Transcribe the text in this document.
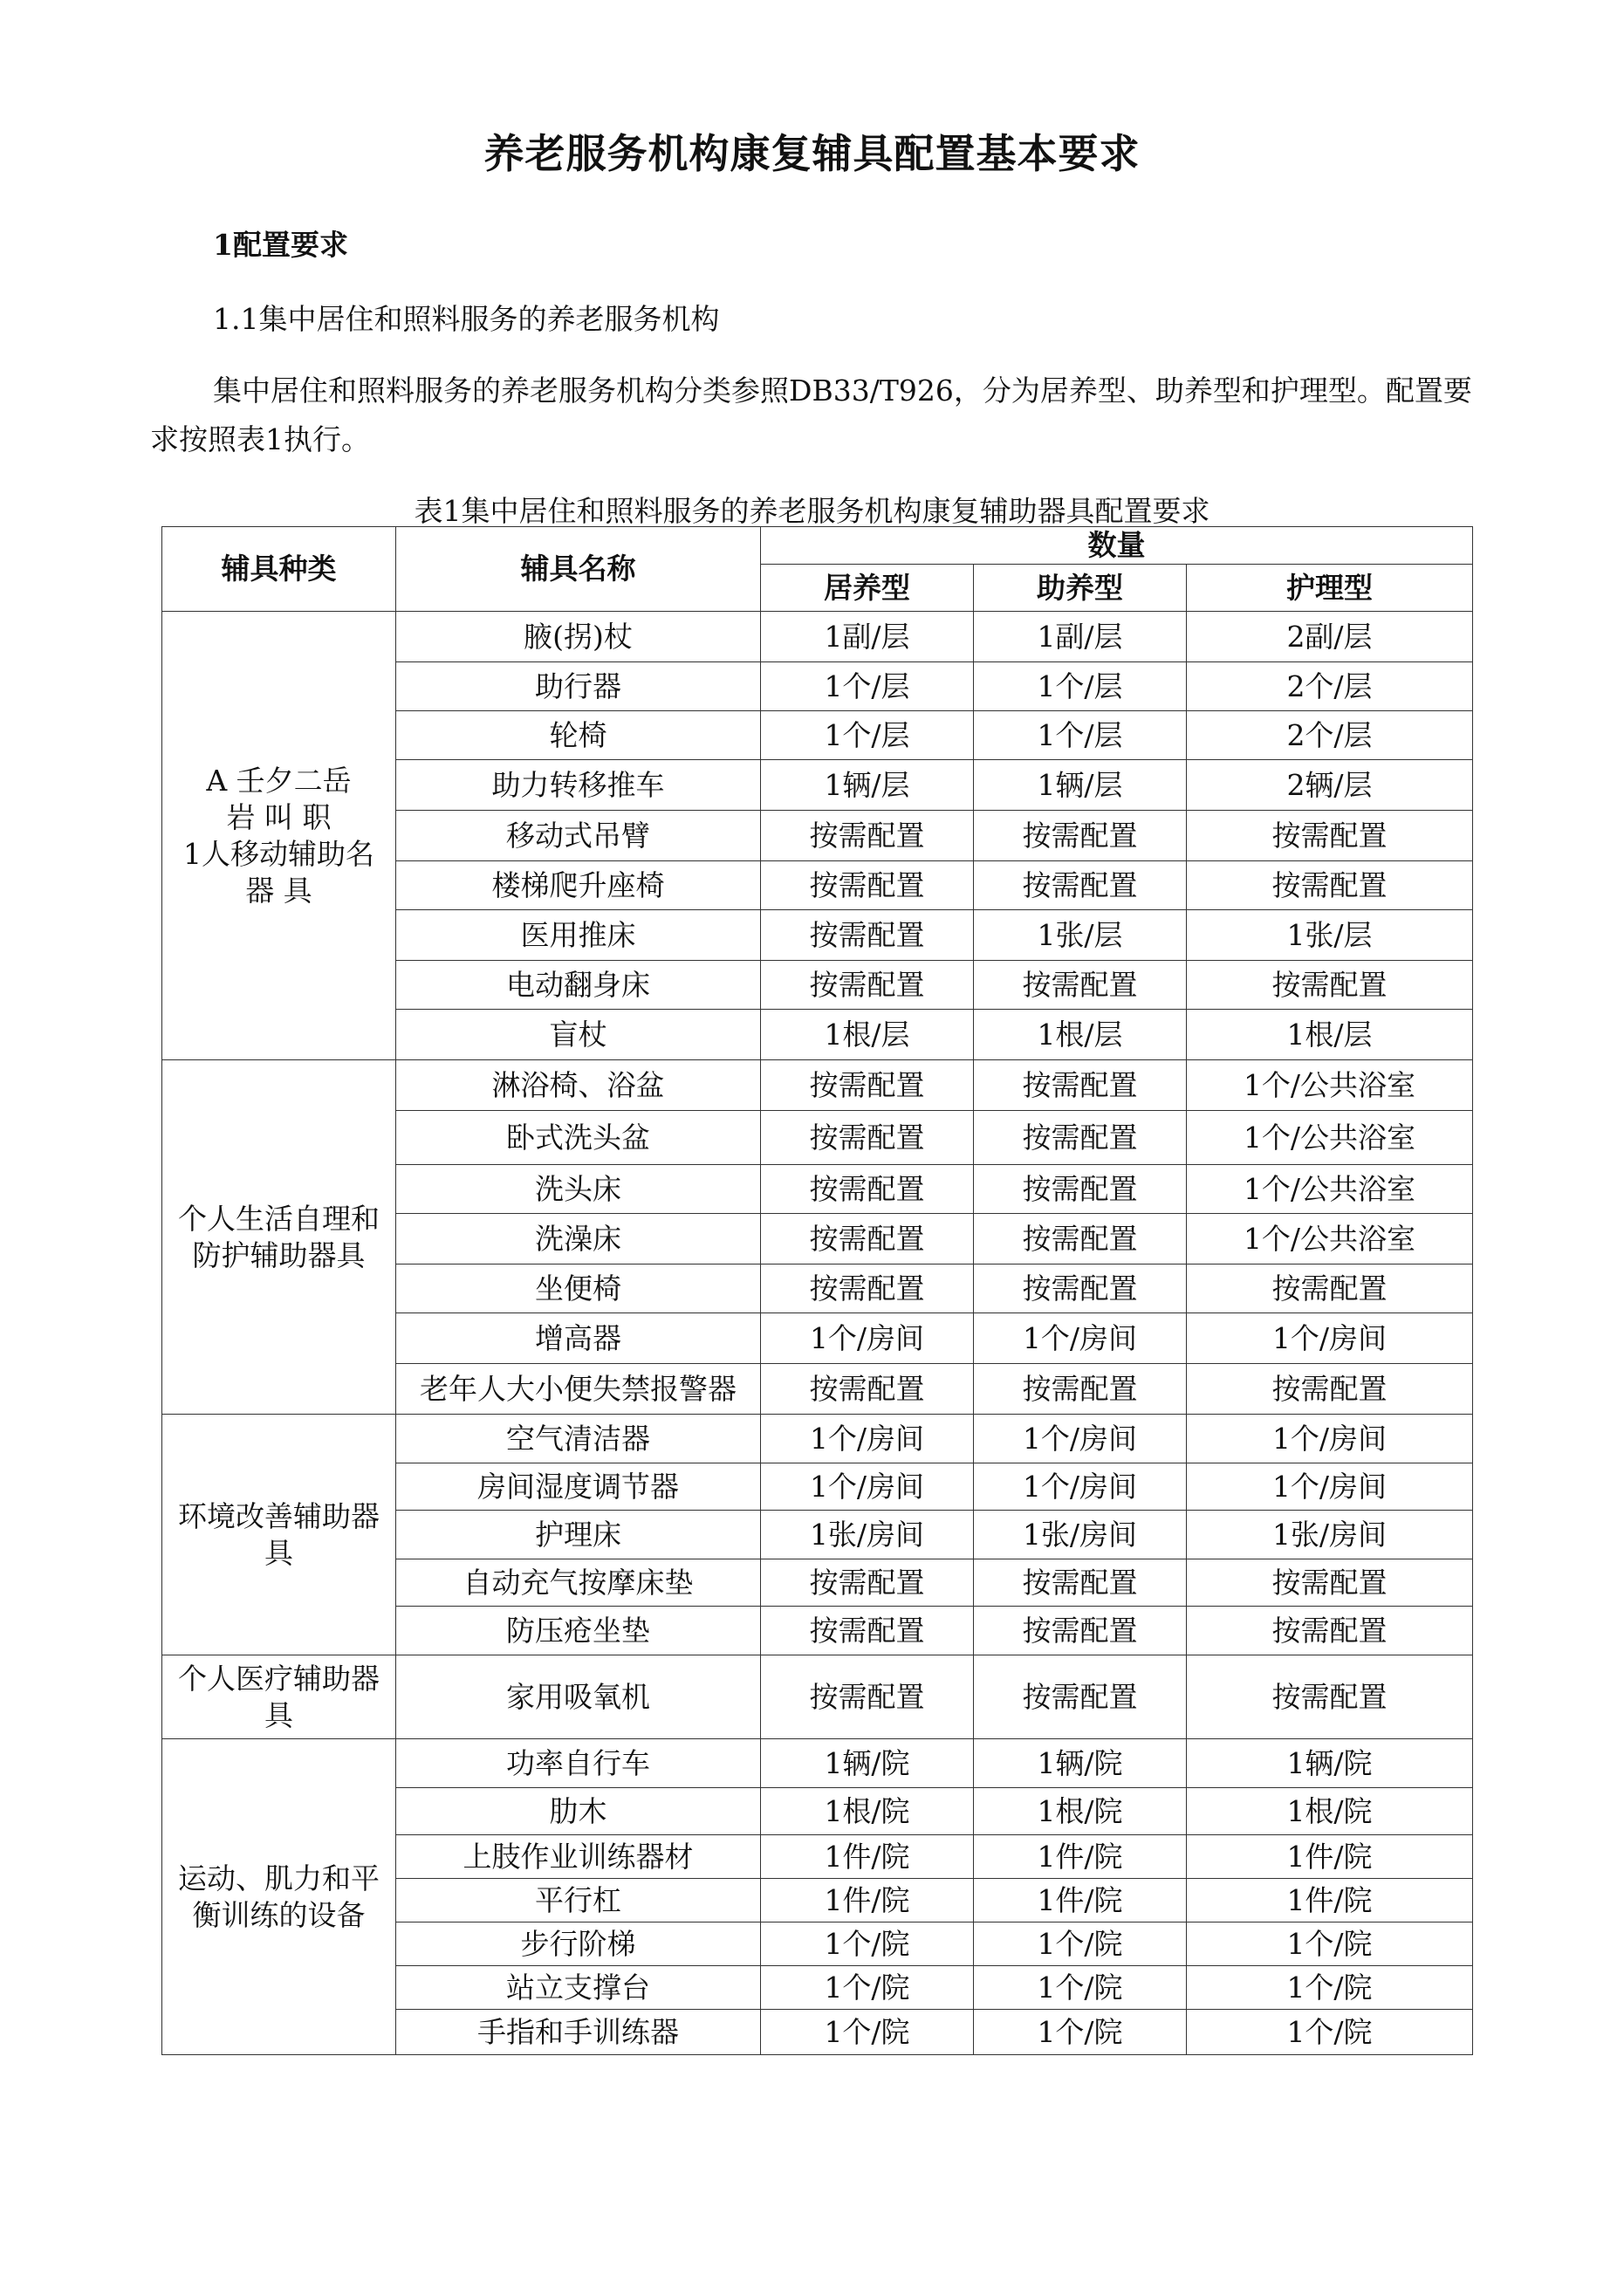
养老服务机构康复辅具配置基本要求
1配置要求
1.1集中居住和照料服务的养老服务机构
集中居住和照料服务的养老服务机构分类参照DB33/T926，分为居养型、助养型和护理型。配置要求按照表1执行。
表1集中居住和照料服务的养老服务机构康复辅助器具配置要求
辅具种类	辅具名称	数量		
		居养型	助养型	护理型

A 壬夕二岳
岩 叫 职
1人移动辅助名
器 具	腋(拐)杖	1副/层	1副/层	2副/层
	助行器	1个/层	1个/层	2个/层
	轮椅	1个/层	1个/层	2个/层
	助力转移推车	1辆/层	1辆/层	2辆/层
	移动式吊臂	按需配置	按需配置	按需配置
	楼梯爬升座椅	按需配置	按需配置	按需配置
	医用推床	按需配置	1张/层	1张/层
	电动翻身床	按需配置	按需配置	按需配置
	盲杖	1根/层	1根/层	1根/层

个人生活自理和
防护辅助器具	淋浴椅、浴盆	按需配置	按需配置	1个/公共浴室
	卧式洗头盆	按需配置	按需配置	1个/公共浴室
	洗头床	按需配置	按需配置	1个/公共浴室
	洗澡床	按需配置	按需配置	1个/公共浴室
	坐便椅	按需配置	按需配置	按需配置
	增高器	1个/房间	1个/房间	1个/房间
	老年人大小便失禁报警器	按需配置	按需配置	按需配置

环境改善辅助器
具	空气清洁器	1个/房间	1个/房间	1个/房间
	房间湿度调节器	1个/房间	1个/房间	1个/房间
	护理床	1张/房间	1张/房间	1张/房间
	自动充气按摩床垫	按需配置	按需配置	按需配置
	防压疮坐垫	按需配置	按需配置	按需配置

个人医疗辅助器
具	家用吸氧机	按需配置	按需配置	按需配置

运动、肌力和平
衡训练的设备	功率自行车	1辆/院	1辆/院	1辆/院
	肋木	1根/院	1根/院	1根/院
	上肢作业训练器材	1件/院	1件/院	1件/院
	平行杠	1件/院	1件/院	1件/院
	步行阶梯	1个/院	1个/院	1个/院
	站立支撑台	1个/院	1个/院	1个/院
	手指和手训练器	1个/院	1个/院	1个/院
